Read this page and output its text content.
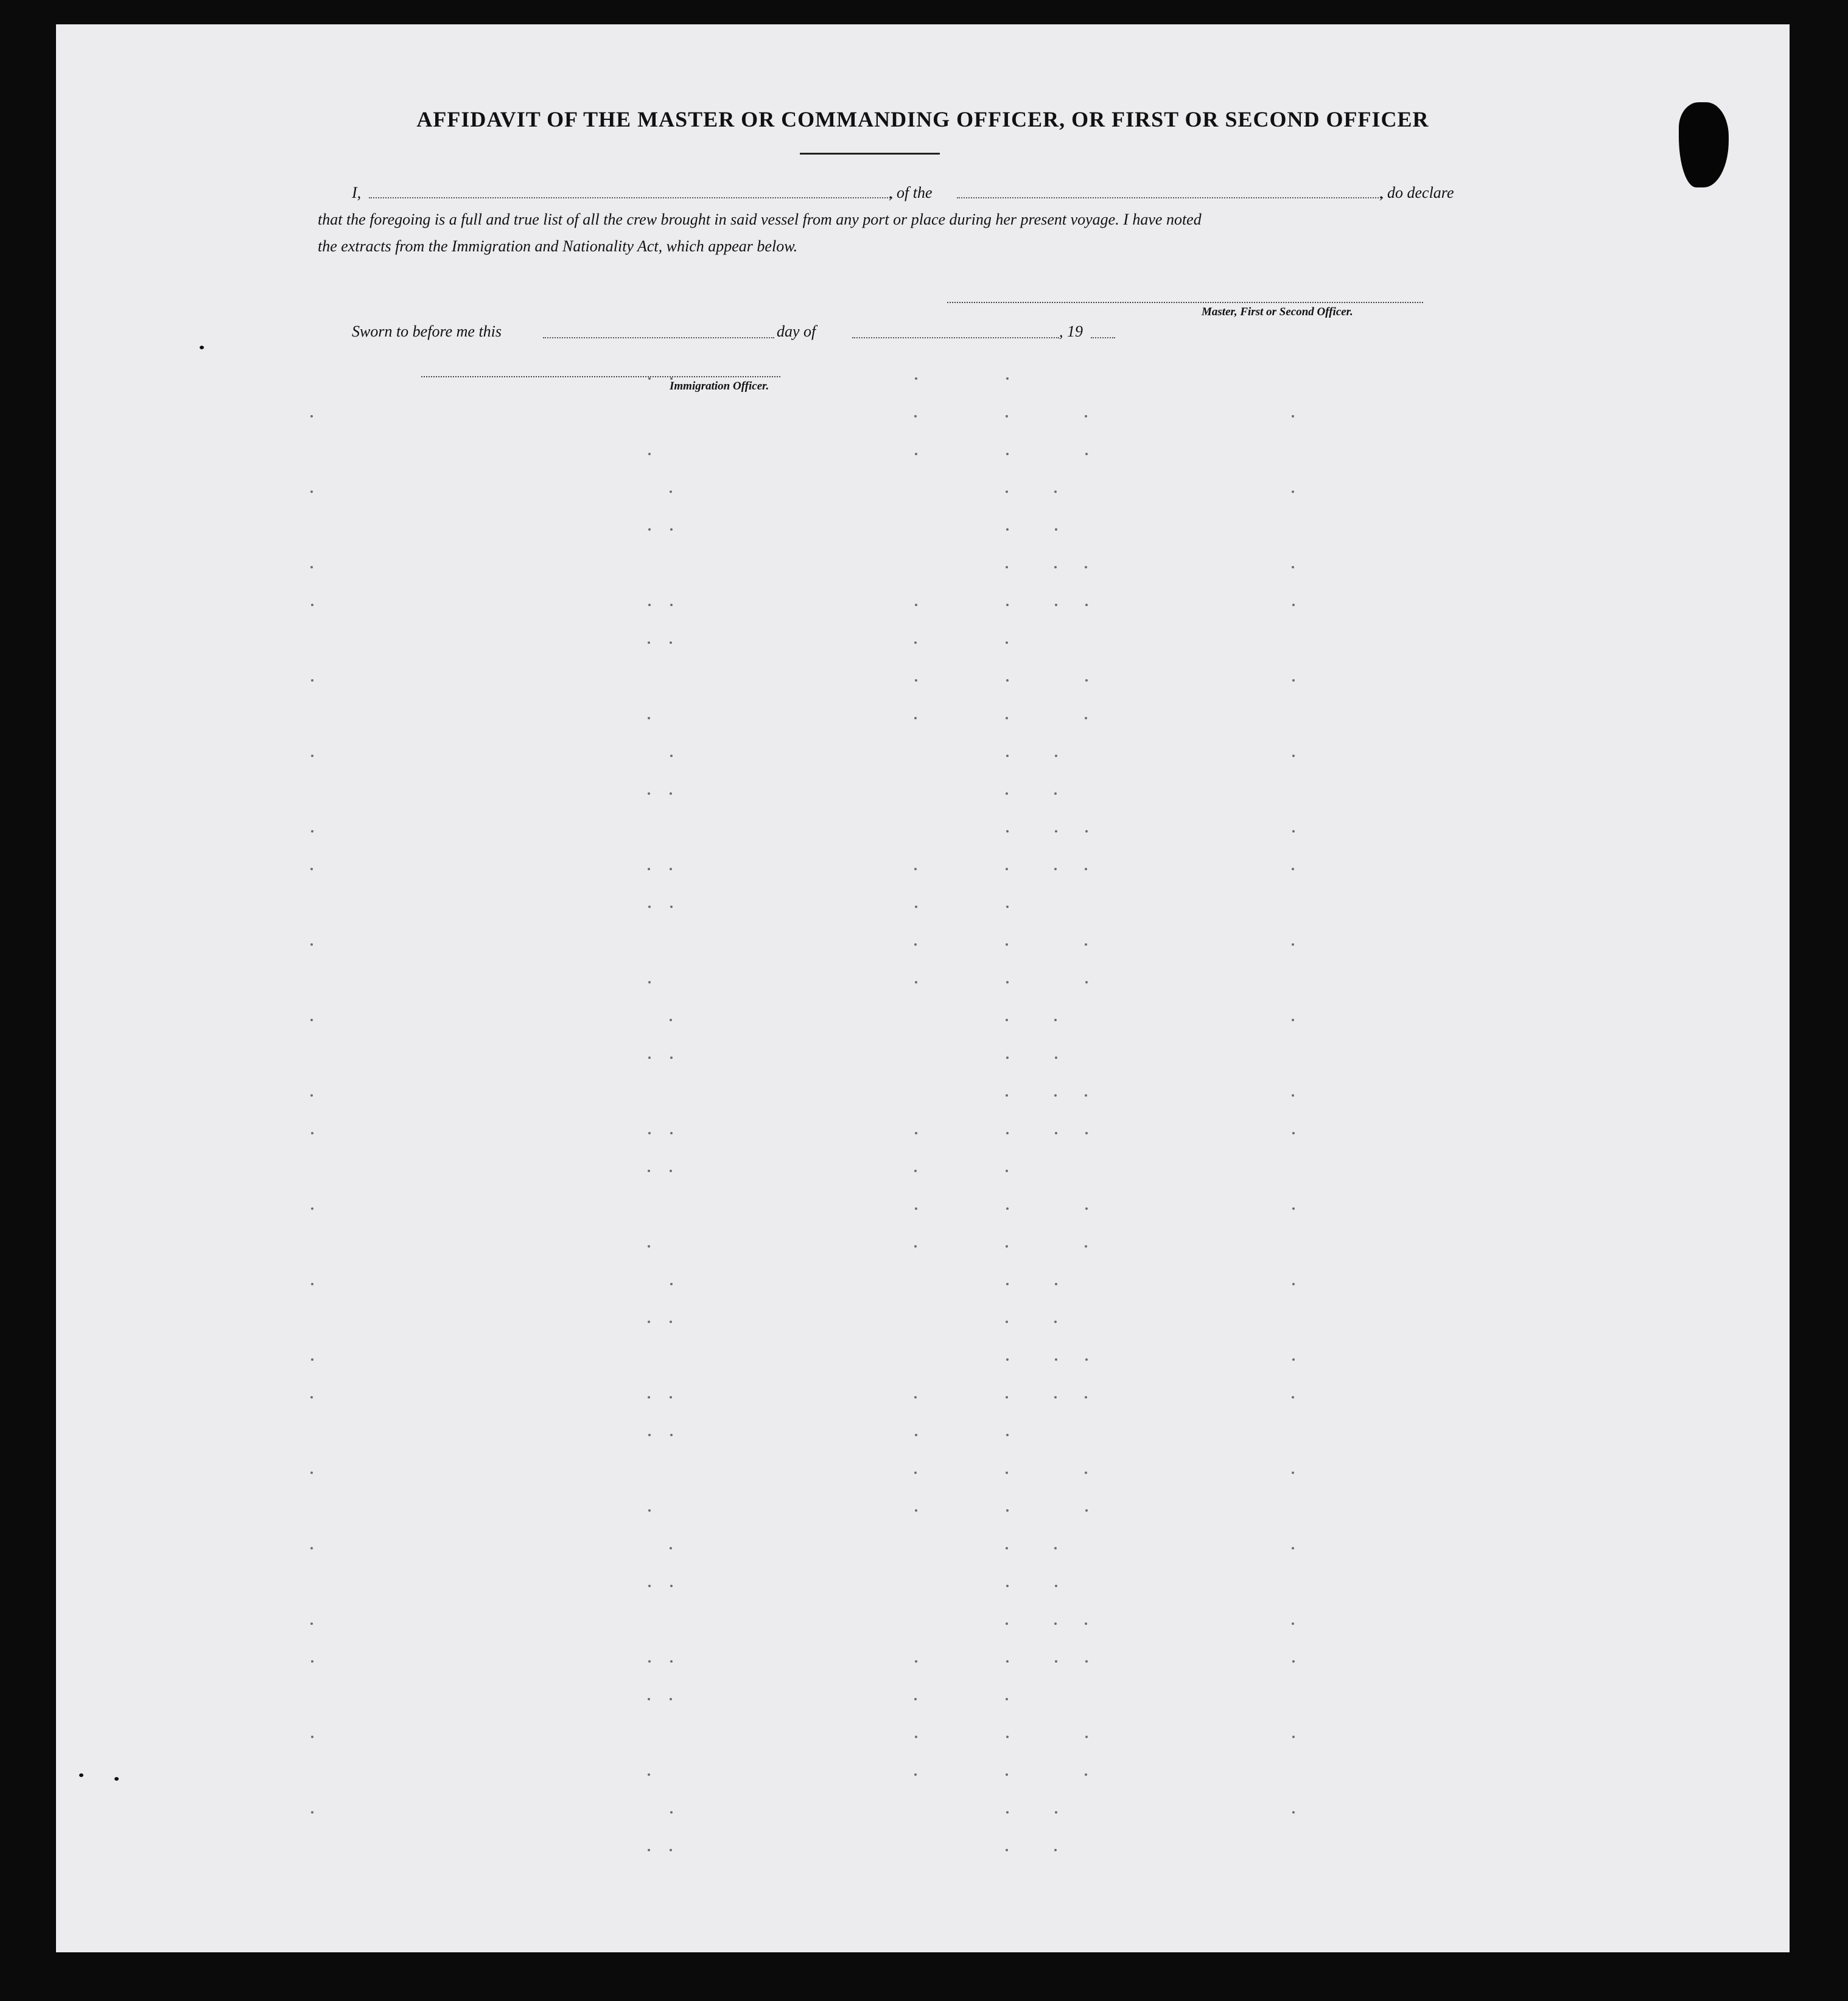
AFFIDAVIT OF THE MASTER OR COMMANDING OFFICER, OR FIRST OR SECOND OFFICER
I,	, of the	, do declare
that the foregoing is a full and true list of all the crew brought in said vessel from any port or place during her present voyage. I have noted
the extracts from the Immigration and Nationality Act, which appear below.
Master, First or Second Officer.
Sworn to before me this	day of	, 19
Immigration Officer.
